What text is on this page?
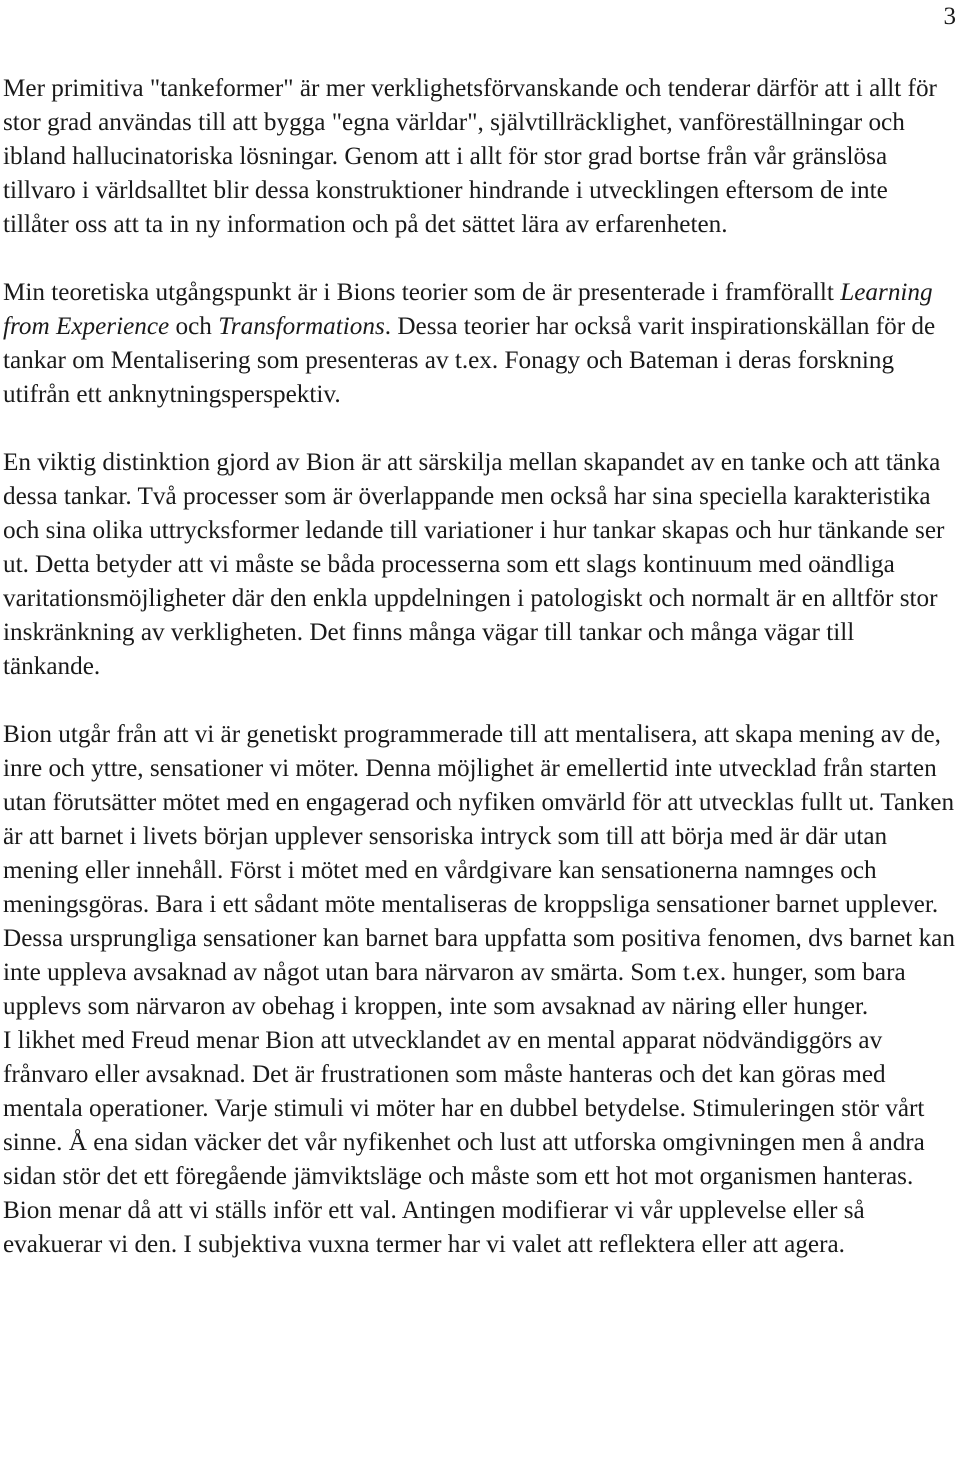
3

Mer primitiva "tankeformer" är mer verklighetsförvanskande och tenderar därför att i allt för stor grad användas till att bygga "egna världar", självtillräcklighet, vanföreställningar och ibland hallucinatoriska lösningar. Genom att i allt för stor grad bortse från vår gränslösa tillvaro i världsalltet blir dessa konstruktioner hindrande i utvecklingen eftersom de inte tillåter oss att ta in ny information och på det sättet lära av erfarenheten.

Min teoretiska utgångspunkt är i Bions teorier som de är presenterade i framförallt Learning from Experience och Transformations. Dessa teorier har också varit inspirationskällan för de tankar om Mentalisering som presenteras av t.ex. Fonagy och Bateman i deras forskning utifrån ett anknytningsperspektiv.

En viktig distinktion gjord av Bion är att särskilja mellan skapandet av en tanke och att tänka dessa tankar. Två processer som är överlappande men också har sina speciella karakteristika och sina olika uttrycksformer ledande till variationer i hur tankar skapas och hur tänkande ser ut. Detta betyder att vi måste se båda processerna som ett slags kontinuum med oändliga varitationsmöjligheter där den enkla uppdelningen i patologiskt och normalt är en alltför stor inskränkning av verkligheten. Det finns många vägar till tankar och många vägar till tänkande.

Bion utgår från att vi är genetiskt programmerade till att mentalisera, att skapa mening av de, inre och yttre, sensationer vi möter. Denna möjlighet är emellertid inte utvecklad från starten utan förutsätter mötet med en engagerad och nyfiken omvärld för att utvecklas fullt ut. Tanken är att barnet i livets början upplever sensoriska intryck som till att börja med är där utan mening eller innehåll. Först i mötet med en vårdgivare kan sensationerna namnges och meningsgöras. Bara i ett sådant möte mentaliseras de kroppsliga sensationer barnet upplever. Dessa ursprungliga sensationer kan barnet bara uppfatta som positiva fenomen, dvs barnet kan inte uppleva avsaknad av något utan bara närvaron av smärta. Som t.ex. hunger, som bara upplevs som närvaron av obehag i kroppen, inte som avsaknad av näring eller hunger.

I likhet med Freud menar Bion att utvecklandet av en mental apparat nödvändiggörs av frånvaro eller avsaknad. Det är frustrationen som måste hanteras och det kan göras med mentala operationer. Varje stimuli vi möter har en dubbel betydelse. Stimuleringen stör vårt sinne. Å ena sidan väcker det vår nyfikenhet och lust att utforska omgivningen men å andra sidan stör det ett föregående jämviktsläge och måste som ett hot mot organismen hanteras. Bion menar då att vi ställs inför ett val. Antingen modifierar vi vår upplevelse eller så evakuerar vi den. I subjektiva vuxna termer har vi valet att reflektera eller att agera.
